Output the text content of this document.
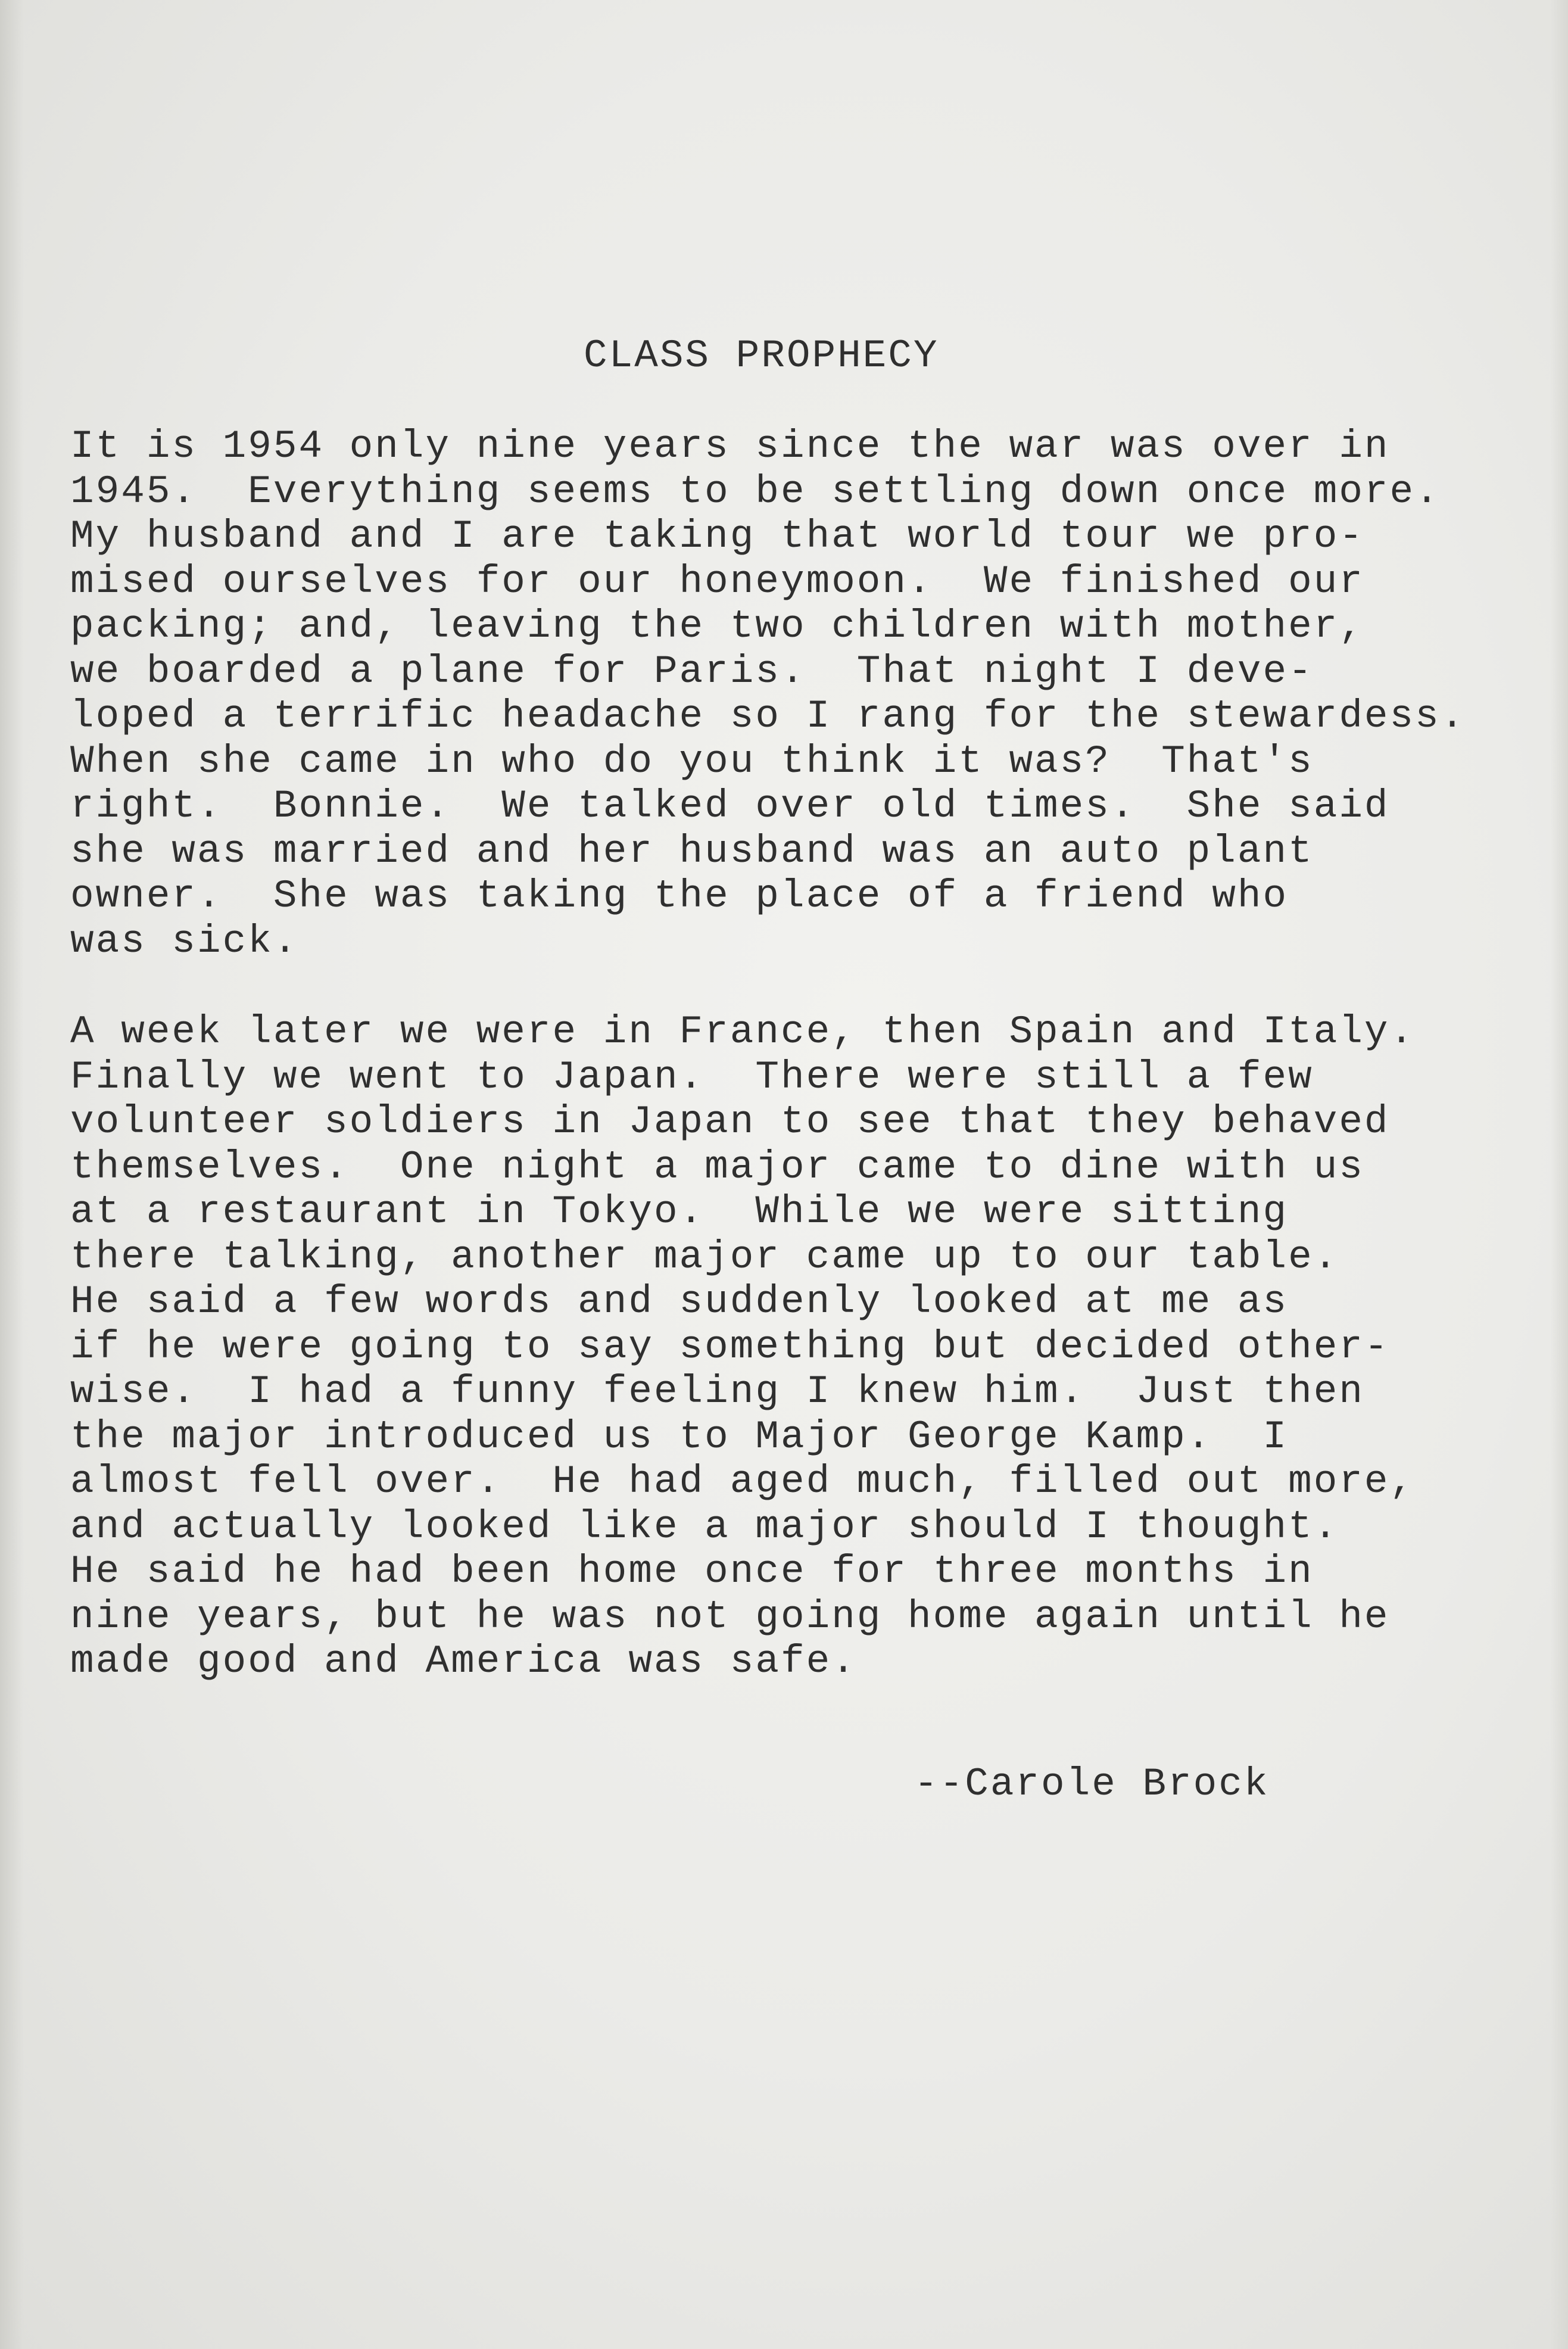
CLASS PROPHECY
It is 1954 only nine years since the war was over in
1945.  Everything seems to be settling down once more.
My husband and I are taking that world tour we pro-
mised ourselves for our honeymoon.  We finished our
packing; and, leaving the two children with mother,
we boarded a plane for Paris.  That night I deve-
loped a terrific headache so I rang for the stewardess.
When she came in who do you think it was?  That's
right.  Bonnie.  We talked over old times.  She said
she was married and her husband was an auto plant
owner.  She was taking the place of a friend who
was sick.
A week later we were in France, then Spain and Italy.
Finally we went to Japan.  There were still a few
volunteer soldiers in Japan to see that they behaved
themselves.  One night a major came to dine with us
at a restaurant in Tokyo.  While we were sitting
there talking, another major came up to our table.
He said a few words and suddenly looked at me as
if he were going to say something but decided other-
wise.  I had a funny feeling I knew him.  Just then
the major introduced us to Major George Kamp.  I
almost fell over.  He had aged much, filled out more,
and actually looked like a major should I thought.
He said he had been home once for three months in
nine years, but he was not going home again until he
made good and America was safe.

--Carole Brock
